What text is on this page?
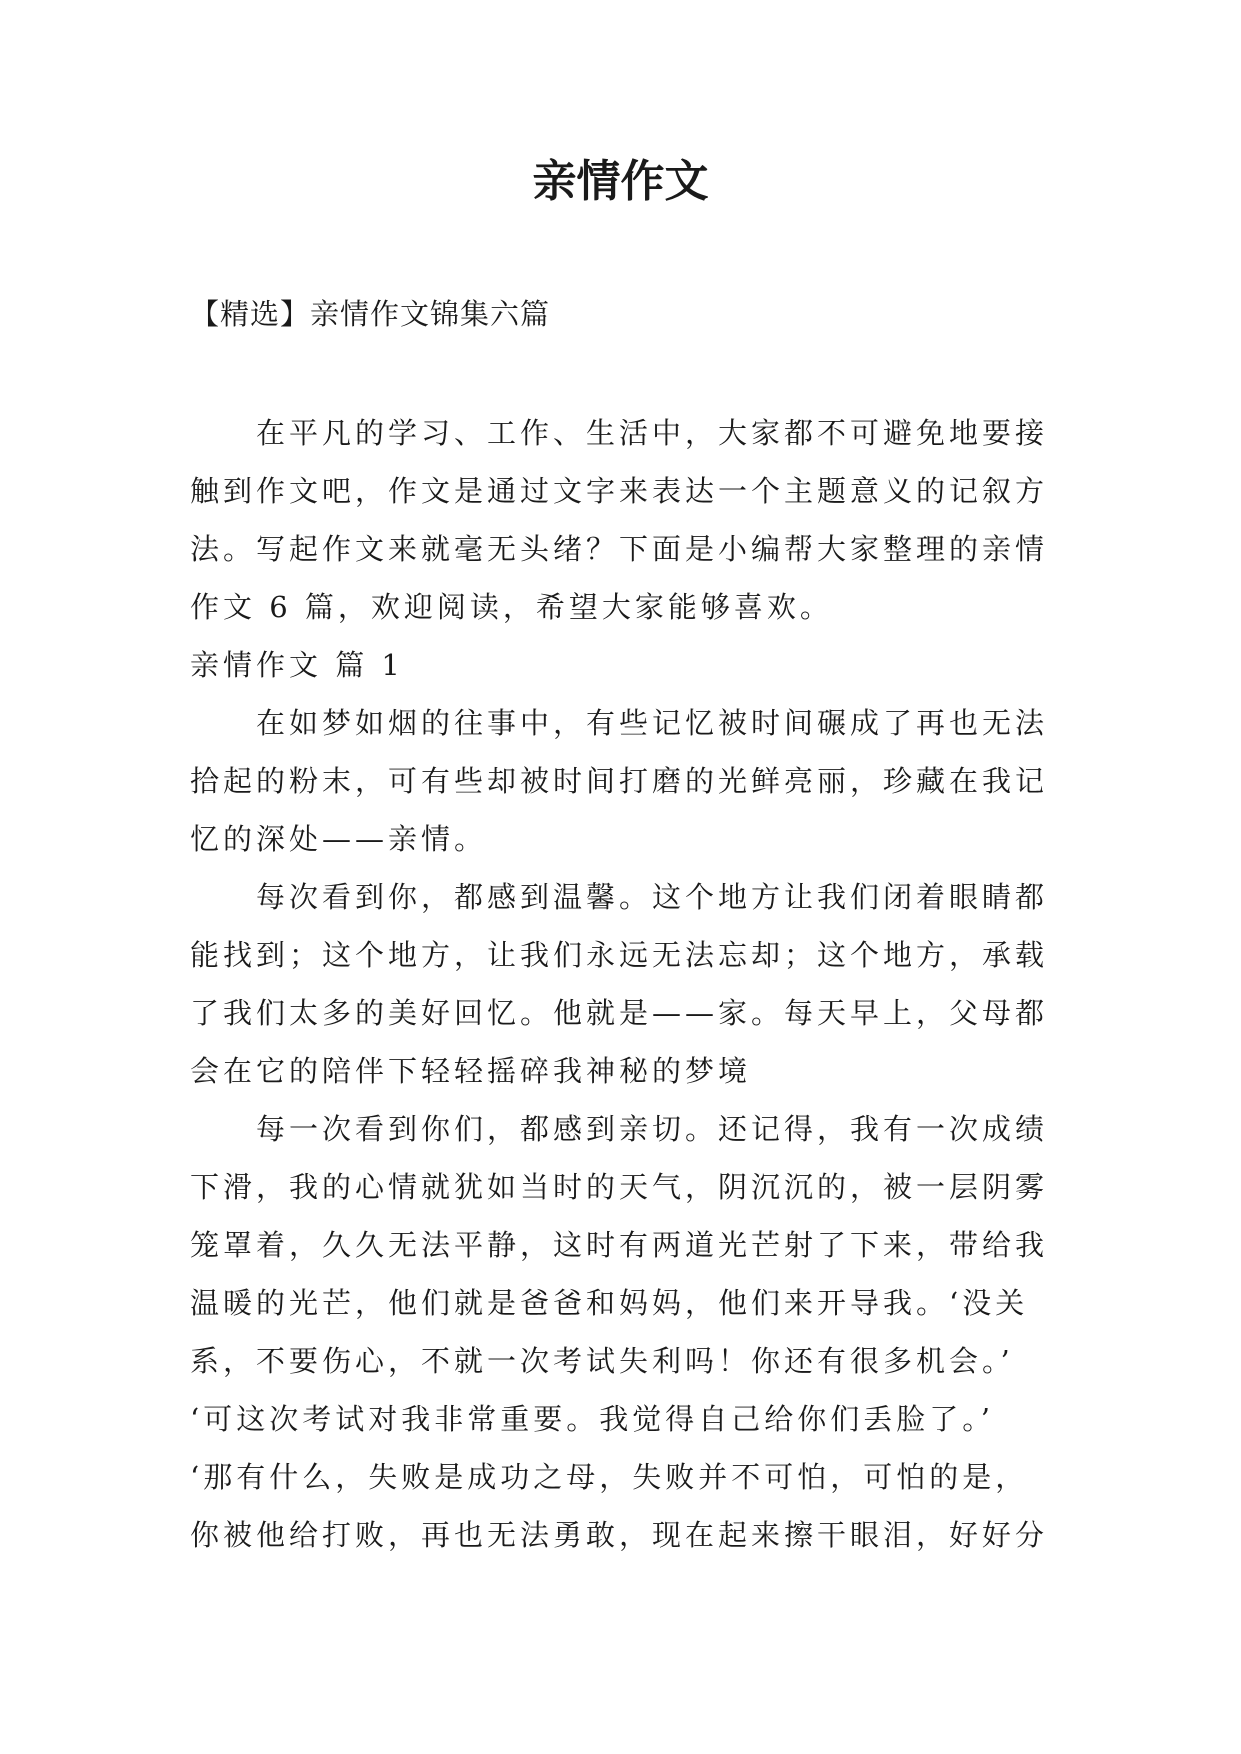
亲情作文

【精选】亲情作文锦集六篇

在平凡的学习、工作、生活中，大家都不可避免地要接
触到作文吧，作文是通过文字来表达一个主题意义的记叙方
法。写起作文来就毫无头绪？下面是小编帮大家整理的亲情
作文 6 篇，欢迎阅读，希望大家能够喜欢。
亲情作文 篇 1
在如梦如烟的往事中，有些记忆被时间碾成了再也无法
拾起的粉末，可有些却被时间打磨的光鲜亮丽，珍藏在我记
忆的深处——亲情。
每次看到你，都感到温馨。这个地方让我们闭着眼睛都
能找到；这个地方，让我们永远无法忘却；这个地方，承载
了我们太多的美好回忆。他就是——家。每天早上，父母都
会在它的陪伴下轻轻摇碎我神秘的梦境
每一次看到你们，都感到亲切。还记得，我有一次成绩
下滑，我的心情就犹如当时的天气，阴沉沉的，被一层阴雾
笼罩着，久久无法平静，这时有两道光芒射了下来，带给我
温暖的光芒，他们就是爸爸和妈妈，他们来开导我。‘没关
系，不要伤心，不就一次考试失利吗！你还有很多机会。’
‘可这次考试对我非常重要。我觉得自己给你们丢脸了。’
‘那有什么，失败是成功之母，失败并不可怕，可怕的是，
你被他给打败，再也无法勇敢，现在起来擦干眼泪，好好分
